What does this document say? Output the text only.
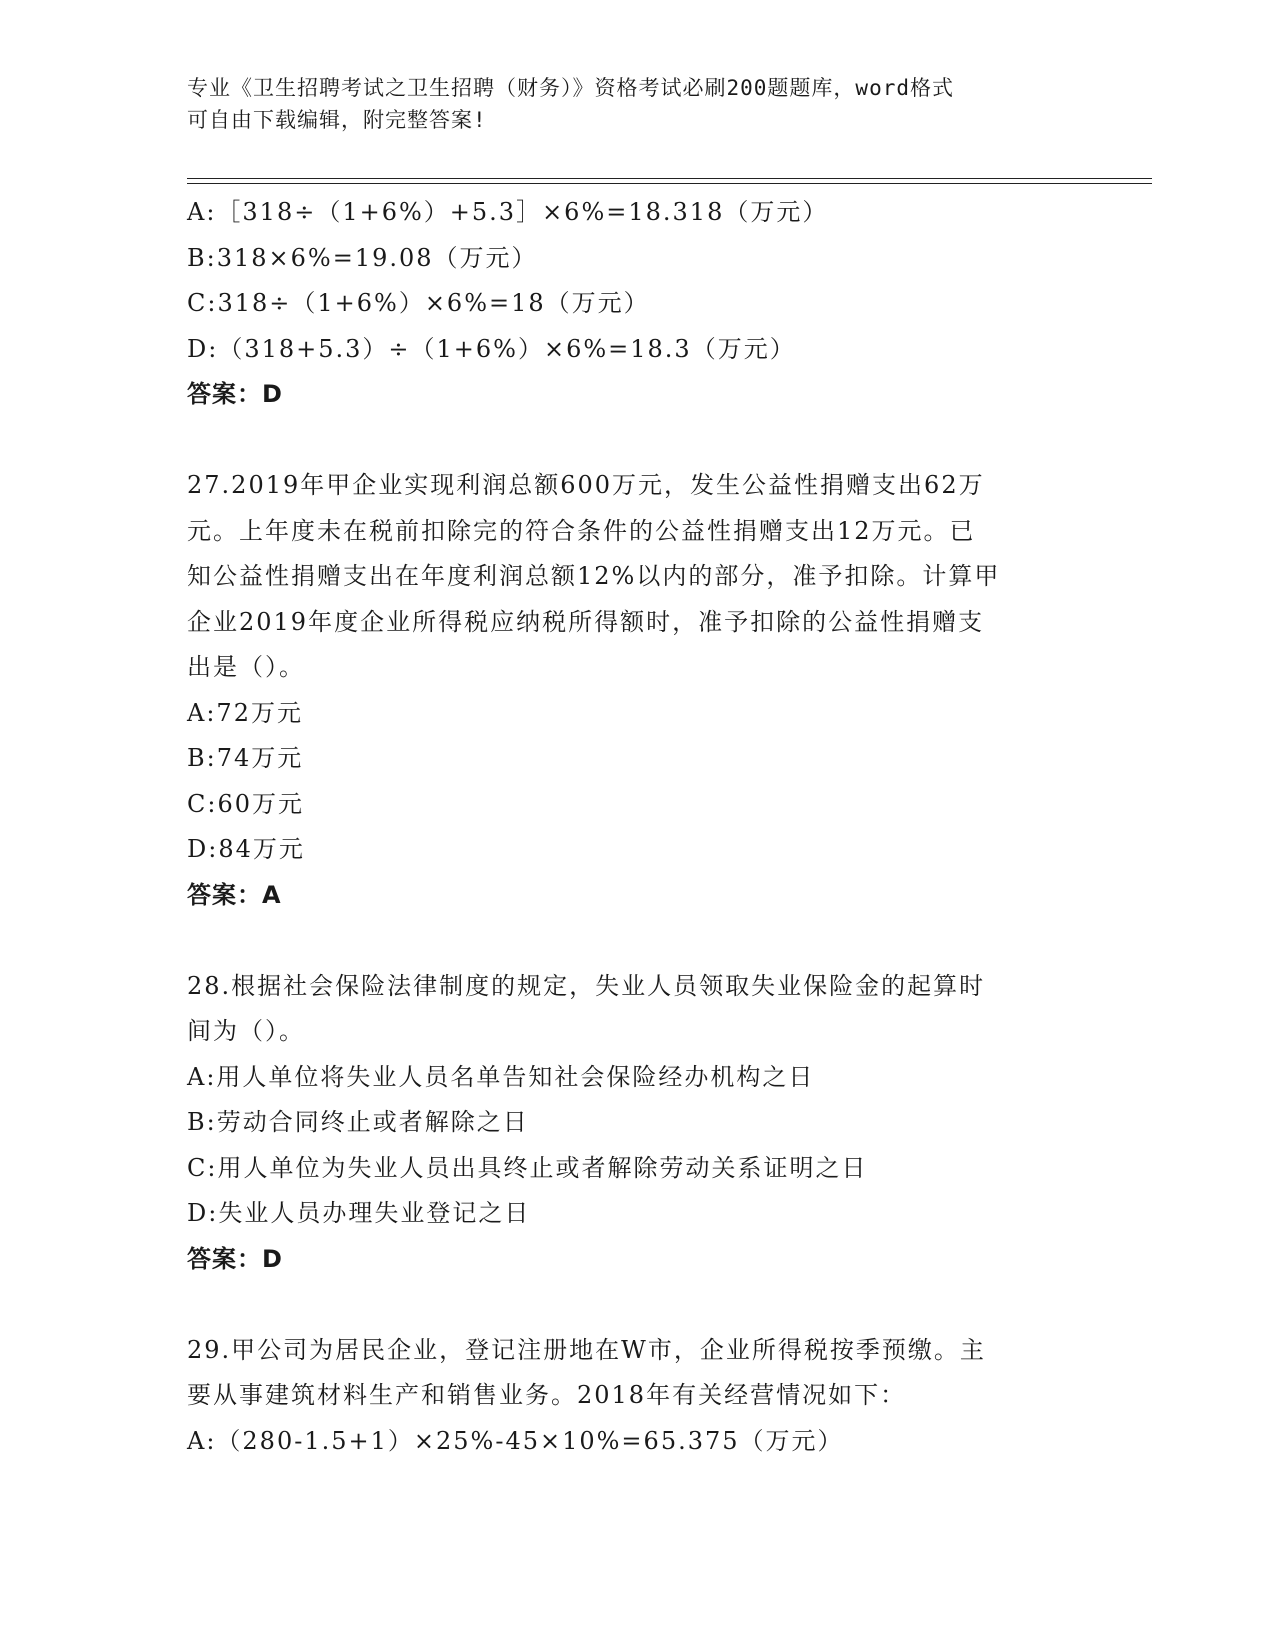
专业《卫生招聘考试之卫生招聘（财务）》资格考试必刷200题题库，word格式
可自由下载编辑，附完整答案!
A:［318÷（1+6%）+5.3］×6%=18.318（万元）
B:318×6%=19.08（万元）
C:318÷（1+6%）×6%=18（万元）
D:（318+5.3）÷（1+6%）×6%=18.3（万元）
答案：D
27.2019年甲企业实现利润总额600万元，发生公益性捐赠支出62万
元。上年度未在税前扣除完的符合条件的公益性捐赠支出12万元。已
知公益性捐赠支出在年度利润总额12%以内的部分，准予扣除。计算甲
企业2019年度企业所得税应纳税所得额时，准予扣除的公益性捐赠支
出是（）。
A:72万元
B:74万元
C:60万元
D:84万元
答案：A
28.根据社会保险法律制度的规定，失业人员领取失业保险金的起算时
间为（）。
A:用人单位将失业人员名单告知社会保险经办机构之日
B:劳动合同终止或者解除之日
C:用人单位为失业人员出具终止或者解除劳动关系证明之日
D:失业人员办理失业登记之日
答案：D
29.甲公司为居民企业，登记注册地在W市，企业所得税按季预缴。主
要从事建筑材料生产和销售业务。2018年有关经营情况如下：
A:（280-1.5+1）×25%-45×10%=65.375（万元）
